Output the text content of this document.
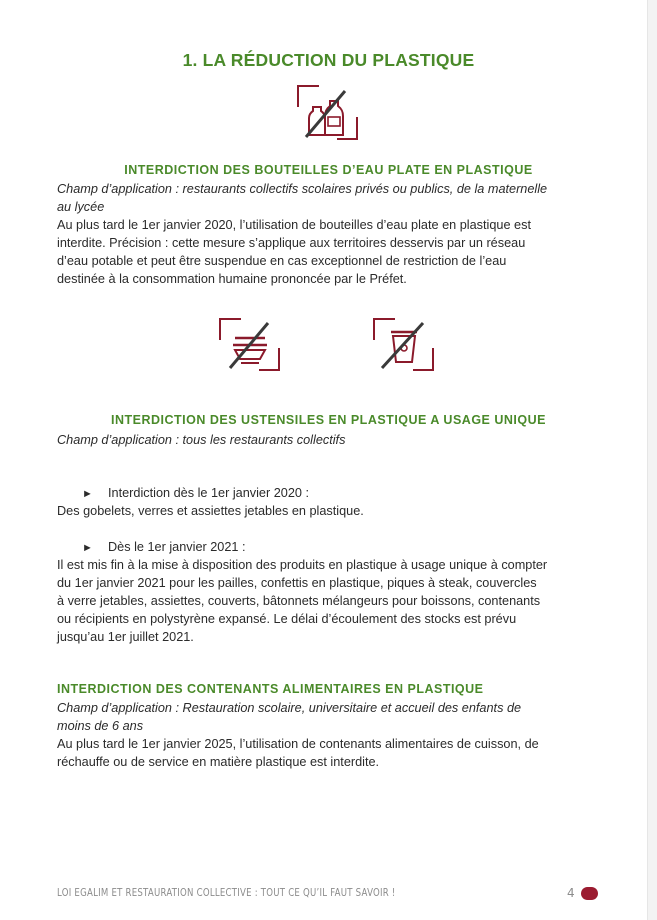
1. LA RÉDUCTION DU PLASTIQUE
INTERDICTION DES BOUTEILLES D’EAU PLATE EN PLASTIQUE
Champ d’application : restaurants collectifs scolaires privés ou publics, de la maternelle
au lycée
Au plus tard le 1er janvier 2020, l’utilisation de bouteilles d’eau plate en plastique est
interdite. Précision : cette mesure s’applique aux territoires desservis par un réseau
d’eau potable et peut être suspendue en cas exceptionnel de restriction de l’eau
destinée à la consommation humaine prononcée par le Préfet.
INTERDICTION DES USTENSILES EN PLASTIQUE A USAGE UNIQUE
Champ d’application : tous les restaurants collectifs
► Interdiction dès le 1er janvier 2020 :
Des gobelets, verres et assiettes jetables en plastique.
► Dès le 1er janvier 2021 :
Il est mis fin à la mise à disposition des produits en plastique à usage unique à compter
du 1er janvier 2021 pour les pailles, confettis en plastique, piques à steak, couvercles
à verre jetables, assiettes, couverts, bâtonnets mélangeurs pour boissons, contenants
ou récipients en polystyrène expansé. Le délai d’écoulement des stocks est prévu
jusqu’au 1er juillet 2021.
INTERDICTION DES CONTENANTS ALIMENTAIRES EN PLASTIQUE
Champ d’application : Restauration scolaire, universitaire et accueil des enfants de
moins de 6 ans
Au plus tard le 1er janvier 2025, l’utilisation de contenants alimentaires de cuisson, de
réchauffe ou de service en matière plastique est interdite.
LOI EGALIM ET RESTAURATION COLLECTIVE : TOUT CE QU’IL FAUT SAVOIR !	4
